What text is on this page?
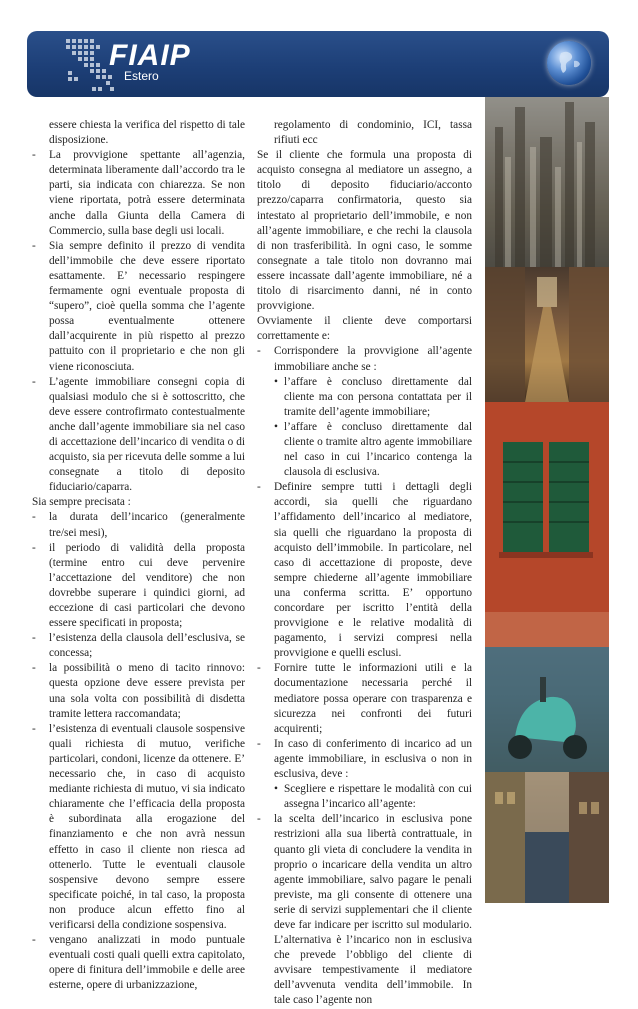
FIAIP
Estero

essere chiesta la verifica del rispetto di tale disposizione.

- La provvigione spettante all’agenzia, determinata liberamente dall’accordo tra le parti, sia indicata con chiarezza. Se non viene riportata, potrà essere determinata anche dalla Giunta della Camera di Commercio, sulla base degli usi locali.

- Sia sempre definito il prezzo di vendita dell’immobile che deve essere riportato esattamente. E’ necessario respingere fermamente ogni eventuale proposta di “supero”, cioè quella somma che l’agente possa eventualmente ottenere dall’acquirente in più rispetto al prezzo pattuito con il proprietario e che non gli viene riconosciuta.

- L’agente immobiliare consegni copia di qualsiasi modulo che si è sottoscritto, che deve essere controfirmato contestualmente anche dall’agente immobiliare sia nel caso di accettazione dell’incarico di vendita o di acquisto, sia per ricevuta delle somme a lui consegnate a titolo di deposito fiduciario/caparra.

Sia sempre precisata :

- la durata dell’incarico (generalmente tre/sei mesi),

- il periodo di validità della proposta (termine entro cui deve pervenire l’accettazione del venditore) che non dovrebbe superare i quindici giorni, ad eccezione di casi particolari che devono essere specificati in proposta;

- l’esistenza della clausola dell’esclusiva, se concessa;

- la possibilità o meno di tacito rinnovo: questa opzione deve essere prevista per una sola volta con possibilità di disdetta tramite lettera raccomandata;

- l’esistenza di eventuali clausole sospensive quali richiesta di mutuo, verifiche particolari, condoni, licenze da ottenere. E’ necessario che, in caso di acquisto mediante richiesta di mutuo, vi sia indicato chiaramente che l’efficacia della proposta è subordinata alla erogazione del finanziamento e che non avrà nessun effetto in caso il cliente non riesca ad ottenerlo. Tutte le eventuali clausole sospensive devono sempre essere specificate poiché, in tal caso, la proposta non produce alcun effetto fino al verificarsi della condizione sospensiva.

- vengano analizzati in modo puntuale eventuali costi quali quelli extra capitolato, opere di finitura dell’immobile e delle aree esterne, opere di urbanizzazione,

regolamento di condominio, ICI, tassa rifiuti ecc

Se il cliente che formula una proposta di acquisto consegna al mediatore un assegno, a titolo di deposito fiduciario/acconto prezzo/caparra confirmatoria, questo sia intestato al proprietario dell’immobile, e non all’agente immobiliare, e che rechi la clausola di non trasferibilità. In ogni caso, le somme consegnate a tale titolo non dovranno mai essere incassate dall’agente immobiliare, né a titolo di risarcimento danni, né in conto provvigione.

Ovviamente il cliente deve comportarsi correttamente e:

- Corrispondere la provvigione all’agente immobiliare anche se :

• l’affare è concluso direttamente dal cliente ma con persona contattata per il tramite dell’agente immobiliare;
• l’affare è concluso direttamente dal cliente o tramite altro agente immobiliare nel caso in cui l’incarico contenga la clausola di esclusiva.

- Definire sempre tutti i dettagli degli accordi, sia quelli che riguardano l’affidamento dell’incarico al mediatore, sia quelli che riguardano la proposta di acquisto dell’immobile. In particolare, nel caso di accettazione di proposte, deve sempre chiederne all’agente immobiliare una conferma scritta. E’ opportuno concordare per iscritto l’entità della provvigione e le relative modalità di pagamento, i servizi compresi nella provvigione e quelli esclusi.

- Fornire tutte le informazioni utili e la documentazione necessaria perché il mediatore possa operare con trasparenza e sicurezza nei confronti dei futuri acquirenti;

- In caso di conferimento di incarico ad un agente immobiliare, in esclusiva o non in esclusiva, deve :

• Scegliere e rispettare le modalità con cui assegna l’incarico all’agente:

- la scelta dell’incarico in esclusiva pone restrizioni alla sua libertà contrattuale, in quanto gli vieta di concludere la vendita in proprio o incaricare della vendita un altro agente immobiliare, salvo pagare le penali previste, ma gli consente di ottenere una serie di servizi supplementari che il cliente deve far indicare per iscritto sul modulario. L’alternativa è l’incarico non in esclusiva che prevede l’obbligo del cliente di avvisare tempestivamente il mediatore dell’avvenuta vendita dell’immobile. In tale caso l’agente non
